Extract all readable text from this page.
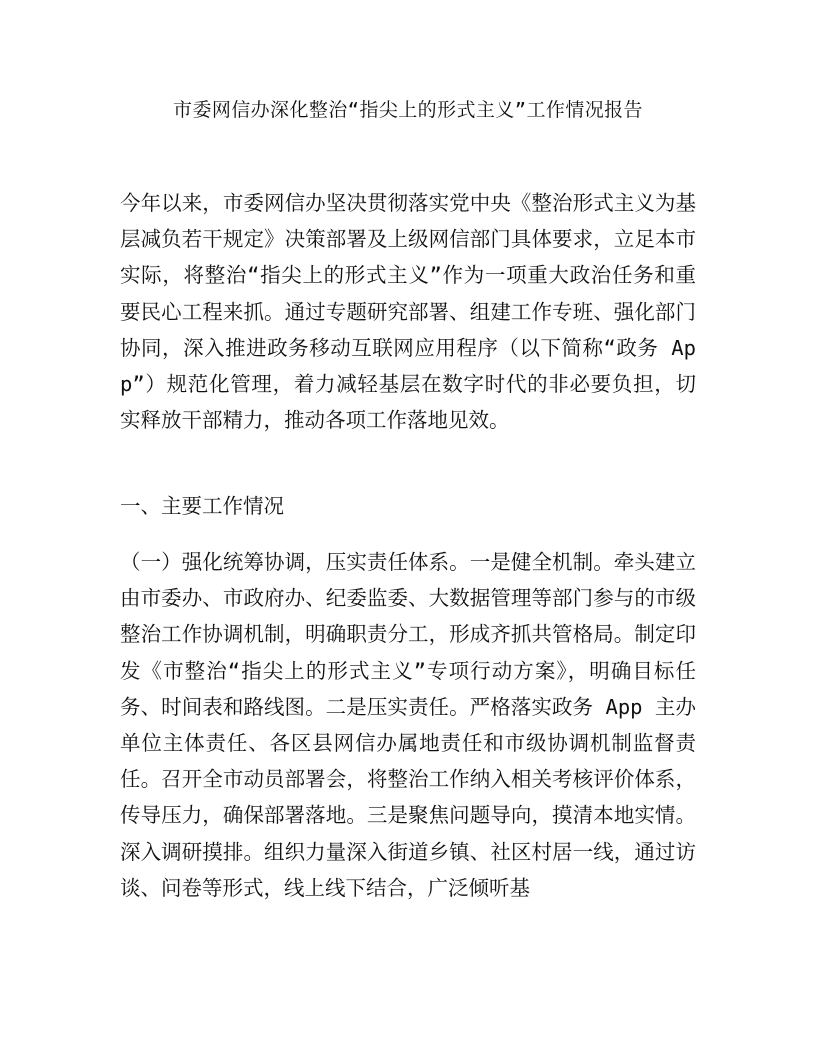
市委网信办深化整治“指尖上的形式主义”工作情况报告

今年以来，市委网信办坚决贯彻落实党中央《整治形式主义为基层减负若干规定》决策部署及上级网信部门具体要求，立足本市实际，将整治“指尖上的形式主义”作为一项重大政治任务和重要民心工程来抓。通过专题研究部署、组建工作专班、强化部门协同，深入推进政务移动互联网应用程序（以下简称“政务 App”）规范化管理，着力减轻基层在数字时代的非必要负担，切实释放干部精力，推动各项工作落地见效。

一、主要工作情况

（一）强化统筹协调，压实责任体系。一是健全机制。牵头建立由市委办、市政府办、纪委监委、大数据管理等部门参与的市级整治工作协调机制，明确职责分工，形成齐抓共管格局。制定印发《市整治“指尖上的形式主义”专项行动方案》，明确目标任务、时间表和路线图。二是压实责任。严格落实政务 App 主办单位主体责任、各区县网信办属地责任和市级协调机制监督责任。召开全市动员部署会，将整治工作纳入相关考核评价体系，传导压力，确保部署落地。三是聚焦问题导向，摸清本地实情。深入调研摸排。组织力量深入街道乡镇、社区村居一线，通过访谈、问卷等形式，线上线下结合，广泛倾听基
